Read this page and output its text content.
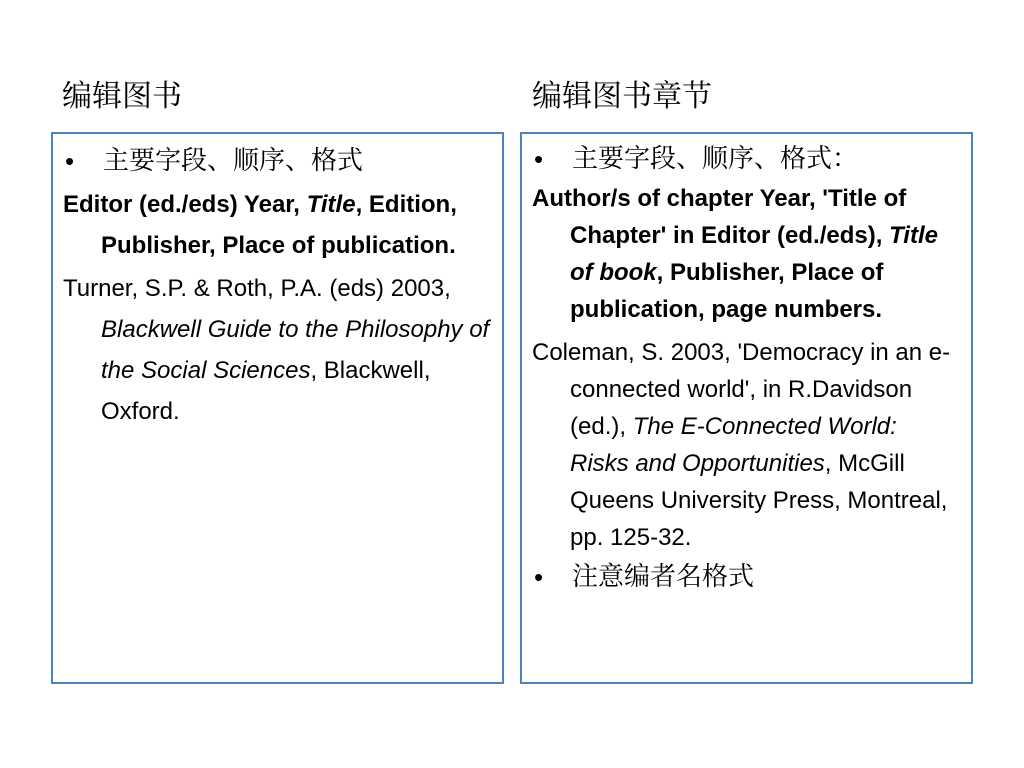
编辑图书	编辑图书章节
• 主要字段、顺序、格式
Editor (ed./eds) Year, Title, Edition, Publisher, Place of publication.
Turner, S.P. & Roth, P.A. (eds) 2003, Blackwell Guide to the Philosophy of the Social Sciences, Blackwell, Oxford.
• 主要字段、顺序、格式：
Author/s of chapter Year, 'Title of Chapter' in Editor (ed./eds), Title of book, Publisher, Place of publication, page numbers.
Coleman, S. 2003, 'Democracy in an e-connected world', in R.Davidson (ed.), The E-Connected World: Risks and Opportunities, McGill Queens University Press, Montreal, pp. 125-32.
• 注意编者名格式
